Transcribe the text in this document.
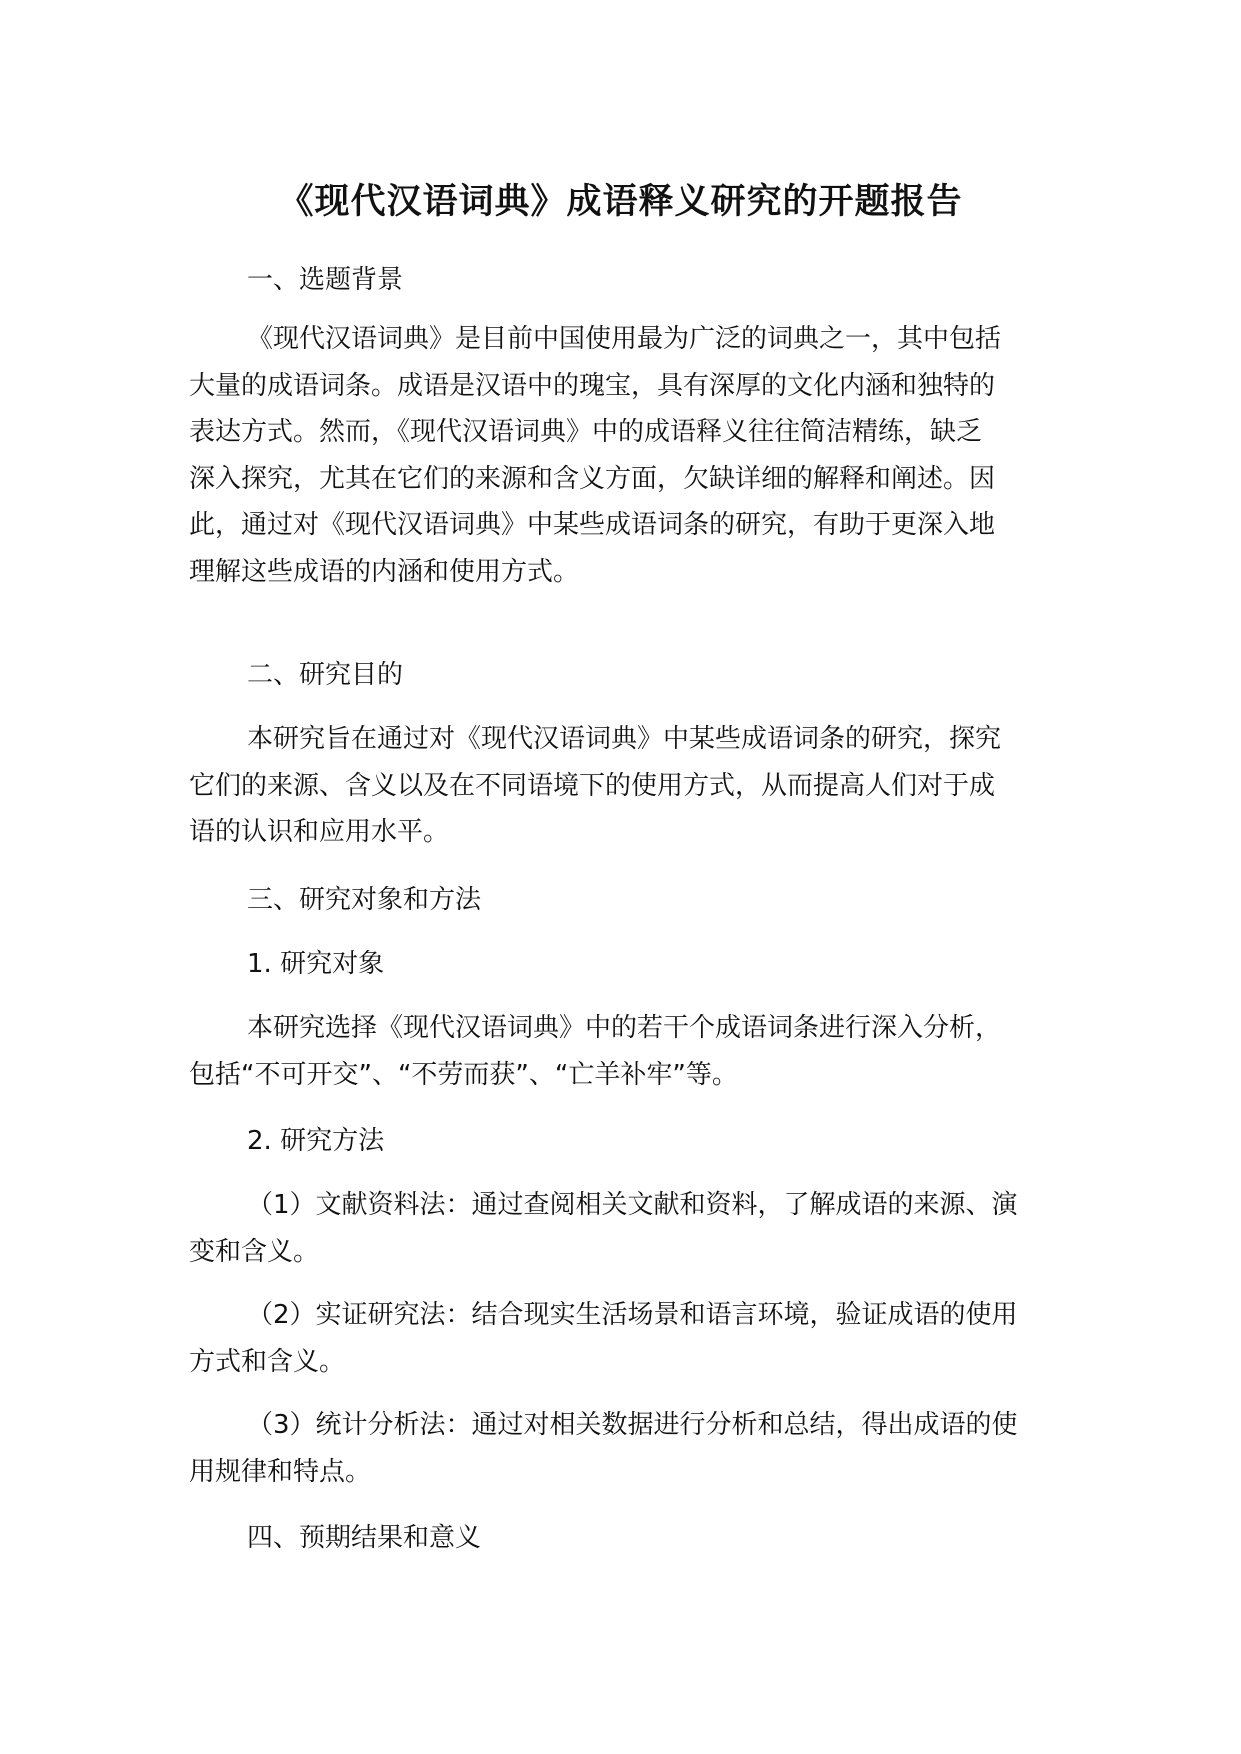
《现代汉语词典》成语释义研究的开题报告
一、选题背景
《现代汉语词典》是目前中国使用最为广泛的词典之一，其中包括
大量的成语词条。成语是汉语中的瑰宝，具有深厚的文化内涵和独特的
表达方式。然而，《现代汉语词典》中的成语释义往往简洁精练，缺乏
深入探究，尤其在它们的来源和含义方面，欠缺详细的解释和阐述。因
此，通过对《现代汉语词典》中某些成语词条的研究，有助于更深入地
理解这些成语的内涵和使用方式。
二、研究目的
本研究旨在通过对《现代汉语词典》中某些成语词条的研究，探究
它们的来源、含义以及在不同语境下的使用方式，从而提高人们对于成
语的认识和应用水平。
三、研究对象和方法
1. 研究对象
本研究选择《现代汉语词典》中的若干个成语词条进行深入分析，
包括“不可开交”、“不劳而获”、“亡羊补牢”等。
2. 研究方法
（1）文献资料法：通过查阅相关文献和资料，了解成语的来源、演
变和含义。
（2）实证研究法：结合现实生活场景和语言环境，验证成语的使用
方式和含义。
（3）统计分析法：通过对相关数据进行分析和总结，得出成语的使
用规律和特点。
四、预期结果和意义
